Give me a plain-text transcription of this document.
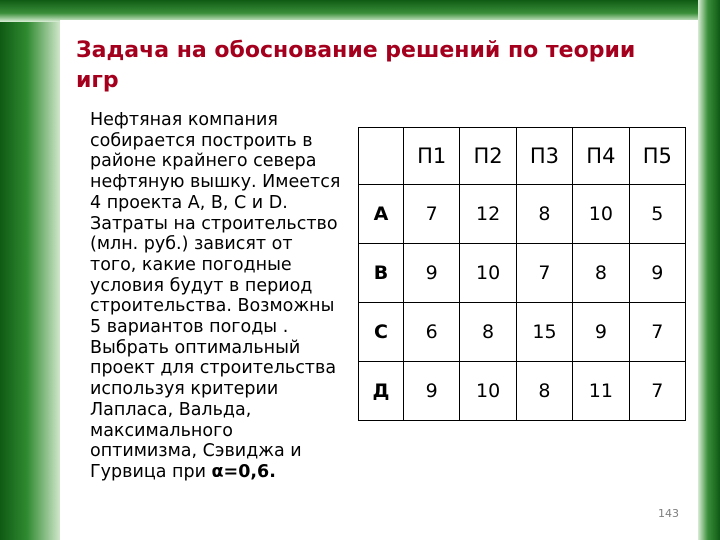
Задача на обоснование решений по теории игр
Нефтяная компания собирается построить в районе крайнего севера нефтяную вышку. Имеется 4 проекта А, В, С и D. Затраты на строительство (млн. руб.) зависят от того, какие погодные условия будут в период строительства. Возможны 5 вариантов погоды . Выбрать оптимальный проект для строительства используя критерии Лапласа, Вальда, максимального оптимизма, Сэвиджа и Гурвица при α=0,6.
	П1	П2	П3	П4	П5
А	7	12	8	10	5
В	9	10	7	8	9
С	6	8	15	9	7
Д	9	10	8	11	7
143
